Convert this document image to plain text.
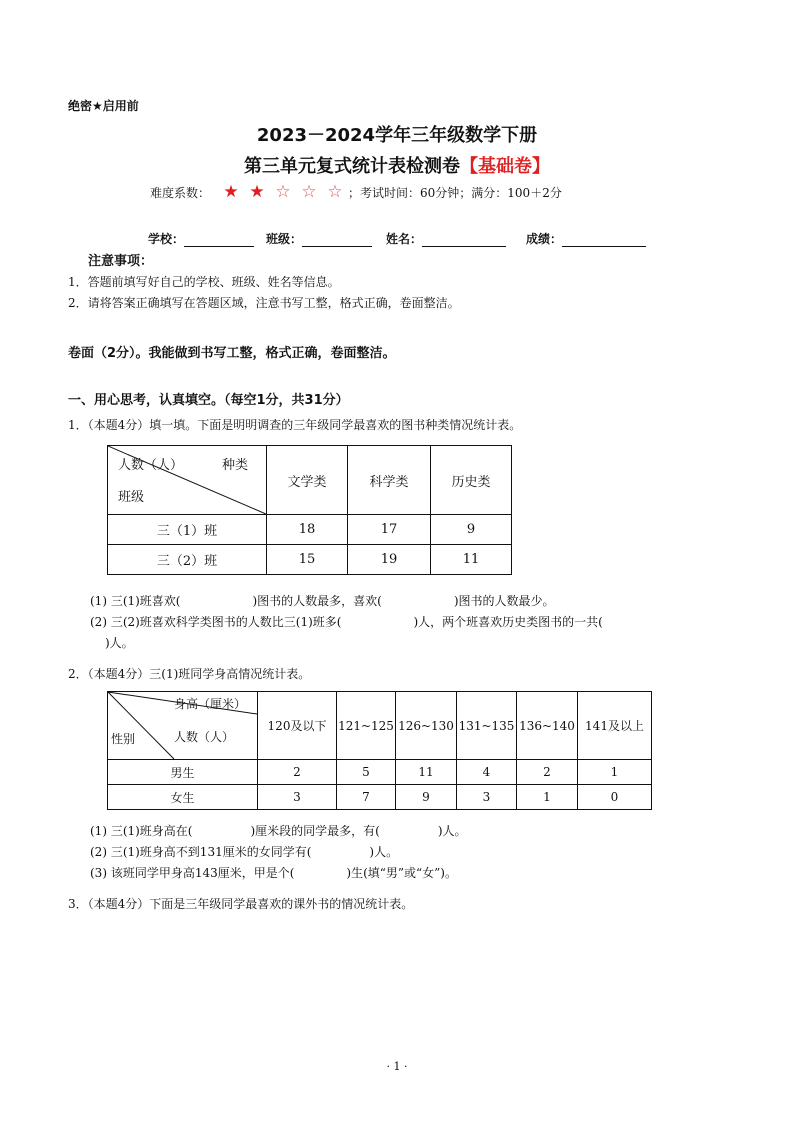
绝密★启用前
2023－2024学年三年级数学下册
第三单元复式统计表检测卷【基础卷】
难度系数： ★ ★ ☆ ☆ ☆ ；考试时间：60分钟；满分：100＋2分
学校：	班级：	姓名：	成绩：
注意事项：
1．答题前填写好自己的学校、班级、姓名等信息。
2．请将答案正确填写在答题区域，注意书写工整，格式正确，卷面整洁。
卷面（2分）。我能做到书写工整，格式正确，卷面整洁。
一、用心思考，认真填空。（每空1分，共31分）
1．（本题4分）填一填。下面是明明调查的三年级同学最喜欢的图书种类情况统计表。
人数（人） 种类
班级	文学类	科学类	历史类
三（1）班	18	17	9
三（2）班	15	19	11
(1) 三(1)班喜欢(	)图书的人数最多，喜欢(	)图书的人数最少。
(2) 三(2)班喜欢科学类图书的人数比三(1)班多(	)人，两个班喜欢历史类图书的一共(
)人。
2．（本题4分）三(1)班同学身高情况统计表。
身高（厘米）
人数（人）
性别	120及以下	121~125	126~130	131~135	136~140	141及以上
男生	2	5	11	4	2	1
女生	3	7	9	3	1	0
(1) 三(1)班身高在(	)厘米段的同学最多，有(	)人。
(2) 三(1)班身高不到131厘米的女同学有(	)人。
(3) 该班同学甲身高143厘米，甲是个(	)生(填“男”或“女”)。
3．（本题4分）下面是三年级同学最喜欢的课外书的情况统计表。
· 1 ·
